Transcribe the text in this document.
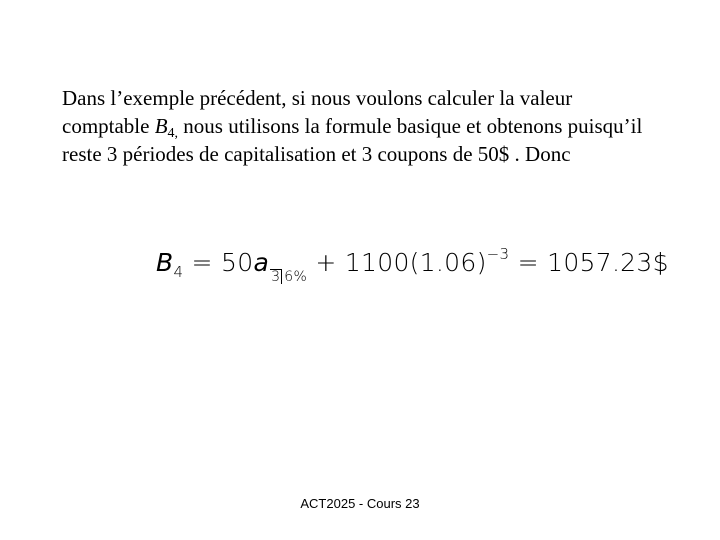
Dans l’exemple précédent, si nous voulons calculer la valeur comptable $B_{4,}$ nous utilisons la formule basique et obtenons puisqu’il reste 3 périodes de capitalisation et 3 coupons de 50$ . Donc
$B_4 = 50a$ 3 $6\% + 1100(1.06)^{-3}$ = 1057.23$
ACT2025 - Cours 23
